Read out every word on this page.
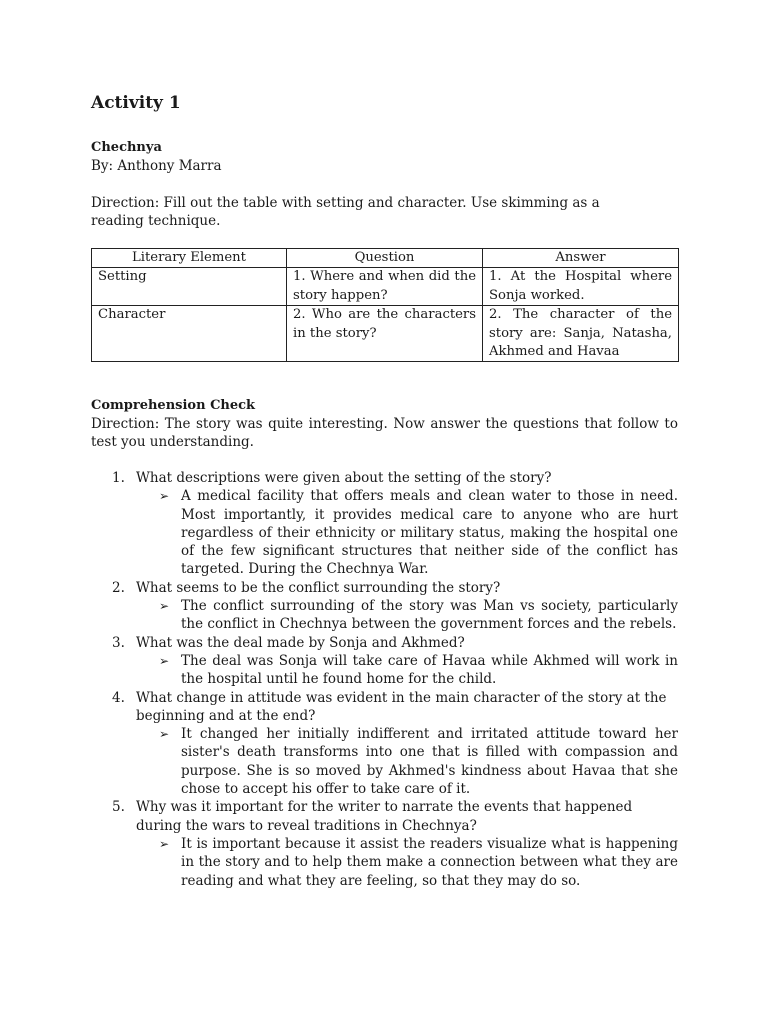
Activity 1
Chechnya
By: Anthony Marra

Direction: Fill out the table with setting and character. Use skimming as a reading technique.

Literary Element	Question	Answer
Setting	1. Where and when did the story happen?	1. At the Hospital where Sonja worked.
Character	2. Who are the characters in the story?	2. The character of the story are: Sanja, Natasha, Akhmed and Havaa
Comprehension Check

Direction: The story was quite interesting. Now answer the questions that follow to test you understanding.

1. What descriptions were given about the setting of the story?

➢ A medical facility that offers meals and clean water to those in need. Most importantly, it provides medical care to anyone who are hurt regardless of their ethnicity or military status, making the hospital one of the few significant structures that neither side of the conflict has targeted. During the Chechnya War.

2. What seems to be the conflict surrounding the story?

➢ The conflict surrounding of the story was Man vs society, particularly the conflict in Chechnya between the government forces and the rebels.

3. What was the deal made by Sonja and Akhmed?

➢ The deal was Sonja will take care of Havaa while Akhmed will work in the hospital until he found home for the child.

4. What change in attitude was evident in the main character of the story at the beginning and at the end?

➢ It changed her initially indifferent and irritated attitude toward her sister's death transforms into one that is filled with compassion and purpose. She is so moved by Akhmed's kindness about Havaa that she chose to accept his offer to take care of it.

5. Why was it important for the writer to narrate the events that happened during the wars to reveal traditions in Chechnya?

➢ It is important because it assist the readers visualize what is happening in the story and to help them make a connection between what they are reading and what they are feeling, so that they may do so.
